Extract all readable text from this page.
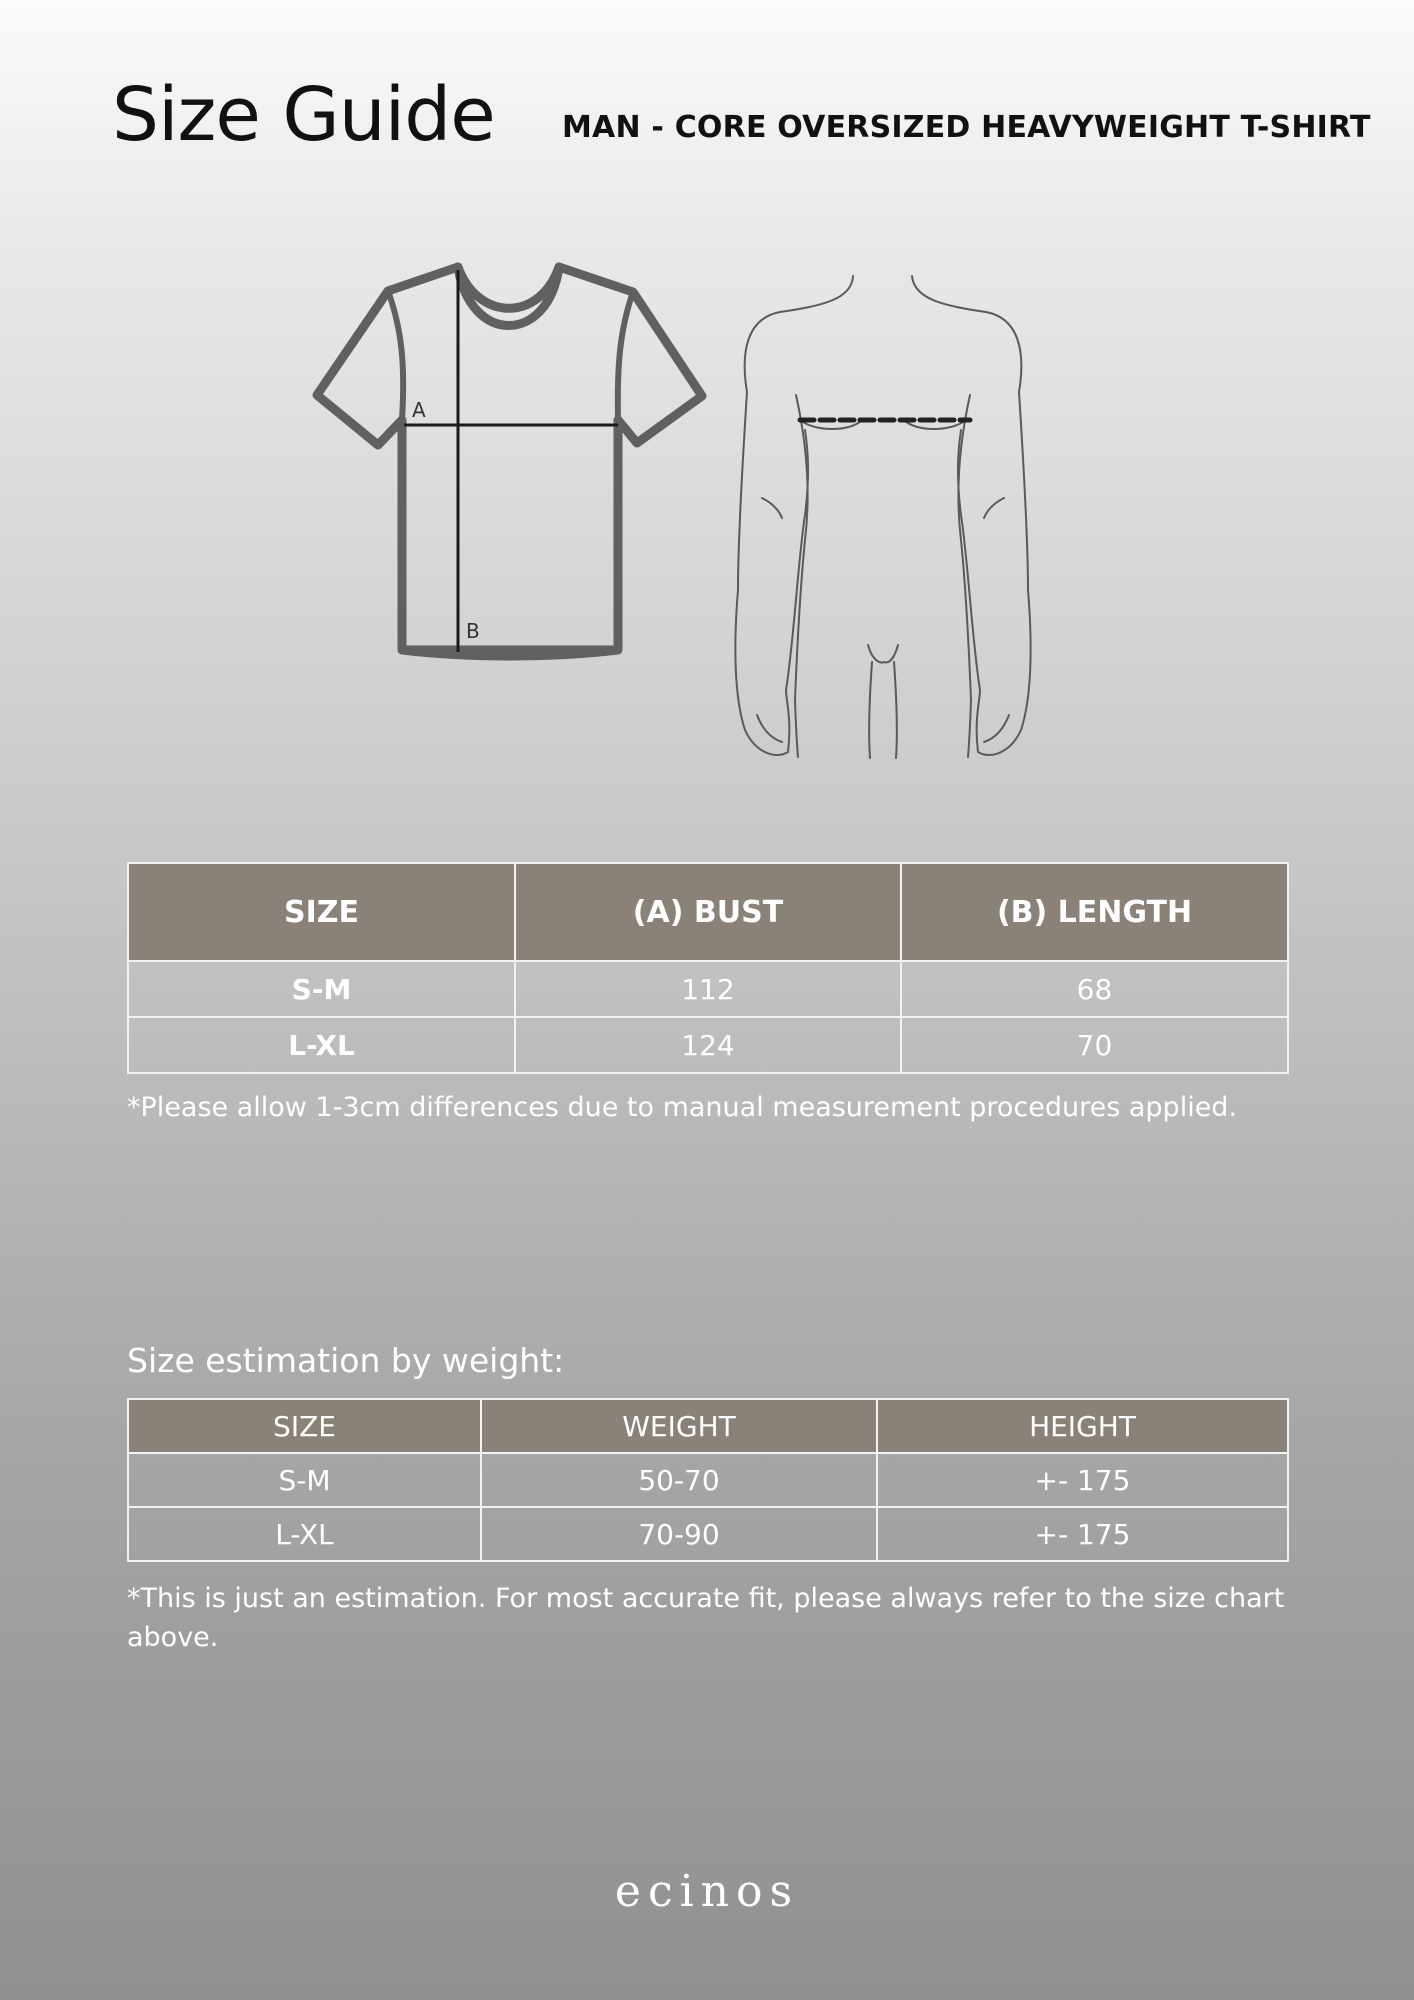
Size Guide MAN - CORE OVERSIZED HEAVYWEIGHT T-SHIRT
A
B
SIZE	(A) BUST	(B) LENGTH
S-M	112	68
L-XL	124	70
*Please allow 1-3cm differences due to manual measurement procedures applied.
Size estimation by weight:
SIZE	WEIGHT	HEIGHT
S-M	50-70	+- 175
L-XL	70-90	+- 175
*This is just an estimation. For most accurate fit, please always refer to the size chart above.
ecinos
